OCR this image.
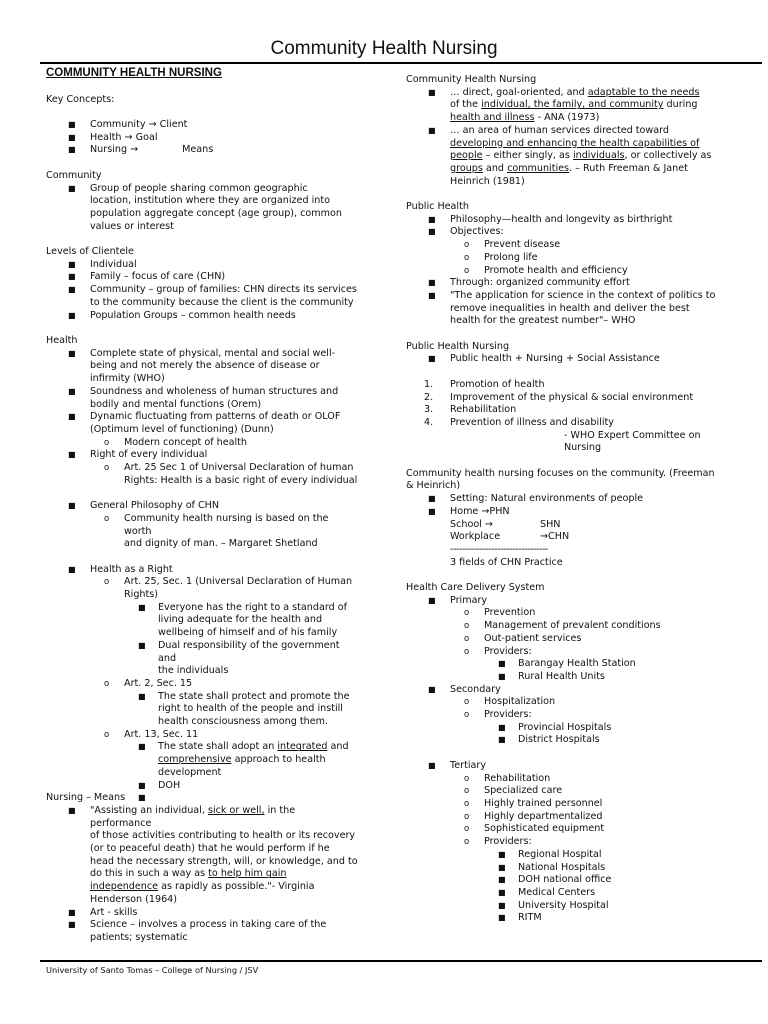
Community Health Nursing

COMMUNITY HEALTH NURSING

Key Concepts:

■ Community → Client
■ Health → Goal
■ Nursing →	Means

Community

■ Group of people sharing common geographic
location, institution where they are organized into
population aggregate concept (age group), common
values or interest

Levels of Clientele

■ Individual
■ Family – focus of care (CHN)
■ Community – group of families: CHN directs its services
to the community because the client is the community
■ Population Groups – common health needs

Health

■ Complete state of physical, mental and social well-
being and not merely the absence of disease or
infirmity (WHO)
■ Soundness and wholeness of human structures and
bodily and mental functions (Orem)
■ Dynamic fluctuating from patterns of death or OLOF
(Optimum level of functioning) (Dunn)
o Modern concept of health
■ Right of every individual
o Art. 25 Sec 1 of Universal Declaration of human
Rights: Health is a basic right of every individual
■ General Philosophy of CHN
o Community health nursing is based on the worth
and dignity of man. – Margaret Shetland
■ Health as a Right
o Art. 25, Sec. 1 (Universal Declaration of Human
Rights)
■ Everyone has the right to a standard of
living adequate for the health and
wellbeing of himself and of his family
■ Dual responsibility of the government and
the individuals
o Art. 2, Sec. 15
■ The state shall protect and promote the
right to health of the people and instill
health consciousness among them.
o Art. 13, Sec. 11
■ The state shall adopt an integrated and
comprehensive approach to health
development
■ DOH
■

Nursing – Means

■ "Assisting an individual, sick or well, in the performance
of those activities contributing to health or its recovery
(or to peaceful death) that he would perform if he
head the necessary strength, will, or knowledge, and to
do this in such a way as to help him gain
independence as rapidly as possible."- Virginia
Henderson (1964)
■ Art - skills
■ Science – involves a process in taking care of the
patients; systematic

Community Health Nursing

■ … direct, goal-oriented, and adaptable to the needs
of the individual, the family, and community during
health and illness - ANA (1973)
■ … an area of human services directed toward
developing and enhancing the health capabilities of
people – either singly, as individuals, or collectively as
groups and communities. – Ruth Freeman & Janet
Heinrich (1981)

Public Health

■ Philosophy—health and longevity as birthright
■ Objectives:
o Prevent disease
o Prolong life
o Promote health and efficiency
■ Through: organized community effort
■ "The application for science in the context of politics to
remove inequalities in health and deliver the best
health for the greatest number"– WHO

Public Health Nursing

■ Public health + Nursing + Social Assistance
1. Promotion of health
2. Improvement of the physical & social environment
3. Rehabilitation
4. Prevention of illness and disability

- WHO Expert Committee on

Nursing

Community health nursing focuses on the community. (Freeman
& Heinrich)

■ Setting: Natural environments of people
■ Home →PHN

School →	SHN

Workplace	→CHN

---------------------------------

3 fields of CHN Practice

Health Care Delivery System

■ Primary
o Prevention
o Management of prevalent conditions
o Out-patient services
o Providers:
■ Barangay Health Station
■ Rural Health Units
■ Secondary
o Hospitalization
o Providers:
■ Provincial Hospitals
■ District Hospitals
■ Tertiary
o Rehabilitation
o Specialized care
o Highly trained personnel
o Highly departmentalized
o Sophisticated equipment
o Providers:
■ Regional Hospital
■ National Hospitals
■ DOH national office
■ Medical Centers
■ University Hospital
■ RITM
University of Santo Tomas – College of Nursing / JSV
